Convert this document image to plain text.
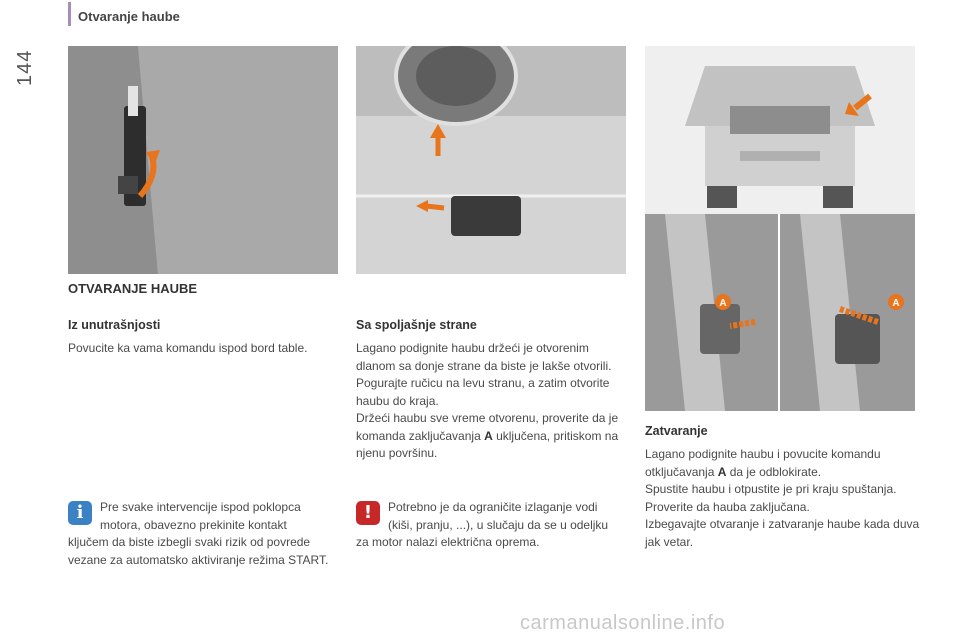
Otvaranje haube
144
A	A
OTVARANJE HAUBE
Iz unutrašnjosti
Povucite ka vama komandu ispod bord table.
i	Pre svake intervencije ispod poklopca motora, obavezno prekinite kontakt ključem da biste izbegli svaki rizik od povrede vezane za automatsko aktiviranje režima START.
Sa spoljašnje strane
Lagano podignite haubu držeći je otvorenim dlanom sa donje strane da biste je lakše otvorili.
Pogurajte ručicu na levu stranu, a zatim otvorite haubu do kraja.
Držeći haubu sve vreme otvorenu, proverite da je komanda zaključavanja A uključena, pritiskom na njenu površinu.
!	Potrebno je da ograničite izlaganje vodi (kiši, pranju, ...), u slučaju da se u odeljku za motor nalazi električna oprema.
Zatvaranje
Lagano podignite haubu i povucite komandu otključavanja A da je odblokirate.
Spustite haubu i otpustite je pri kraju spuštanja. Proverite da hauba zaključana.
Izbegavajte otvaranje i zatvaranje haube kada duva jak vetar.
carmanualsonline.info
